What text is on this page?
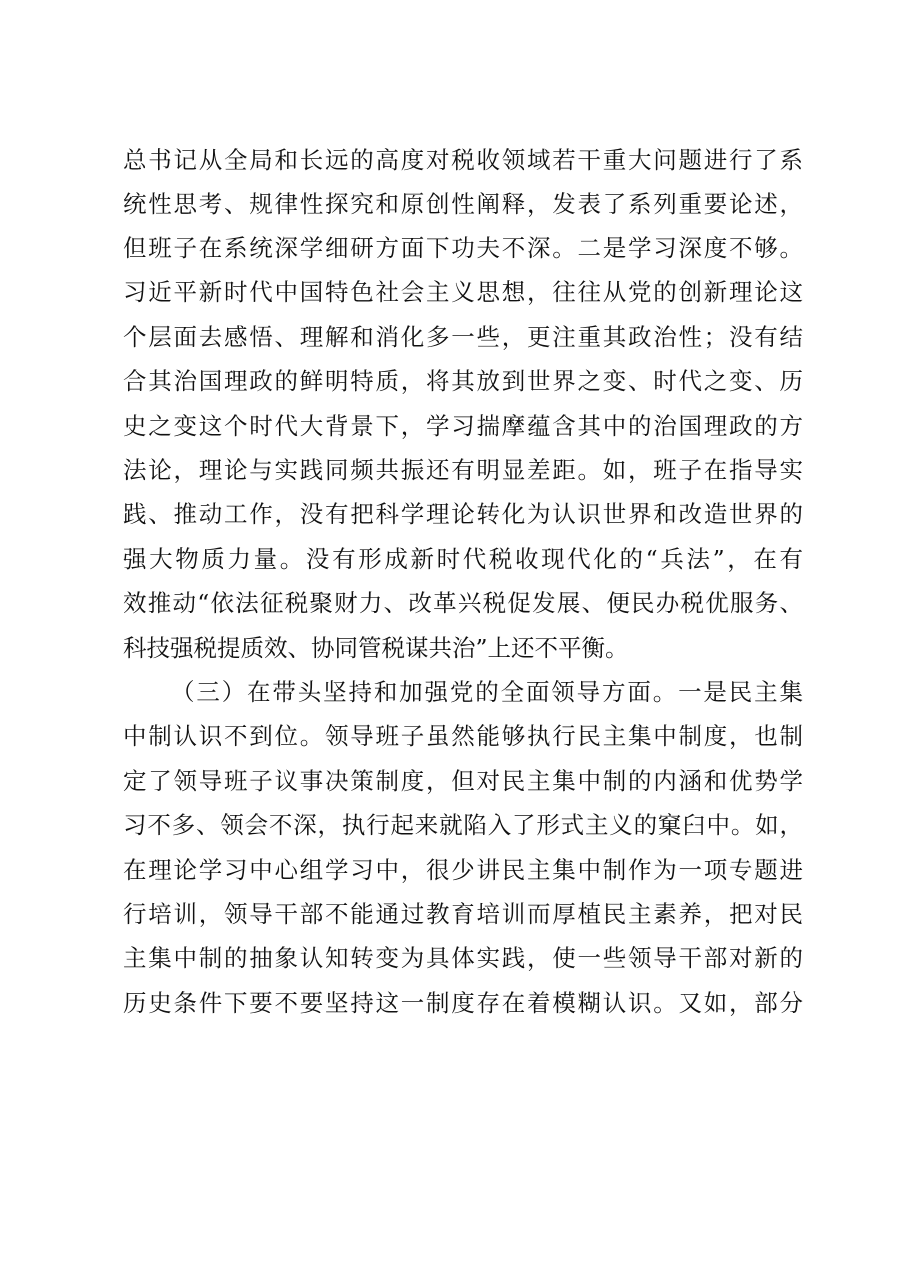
总书记从全局和长远的高度对税收领域若干重大问题进行了系
统性思考、规律性探究和原创性阐释，发表了系列重要论述，
但班子在系统深学细研方面下功夫不深。二是学习深度不够。
习近平新时代中国特色社会主义思想，往往从党的创新理论这
个层面去感悟、理解和消化多一些，更注重其政治性；没有结
合其治国理政的鲜明特质，将其放到世界之变、时代之变、历
史之变这个时代大背景下，学习揣摩蕴含其中的治国理政的方
法论，理论与实践同频共振还有明显差距。如，班子在指导实
践、推动工作，没有把科学理论转化为认识世界和改造世界的
强大物质力量。没有形成新时代税收现代化的“兵法”，在有
效推动“依法征税聚财力、改革兴税促发展、便民办税优服务、
科技强税提质效、协同管税谋共治”上还不平衡。
（三）在带头坚持和加强党的全面领导方面。一是民主集
中制认识不到位。领导班子虽然能够执行民主集中制度，也制
定了领导班子议事决策制度，但对民主集中制的内涵和优势学
习不多、领会不深，执行起来就陷入了形式主义的窠臼中。如，
在理论学习中心组学习中，很少讲民主集中制作为一项专题进
行培训，领导干部不能通过教育培训而厚植民主素养，把对民
主集中制的抽象认知转变为具体实践，使一些领导干部对新的
历史条件下要不要坚持这一制度存在着模糊认识。又如，部分
